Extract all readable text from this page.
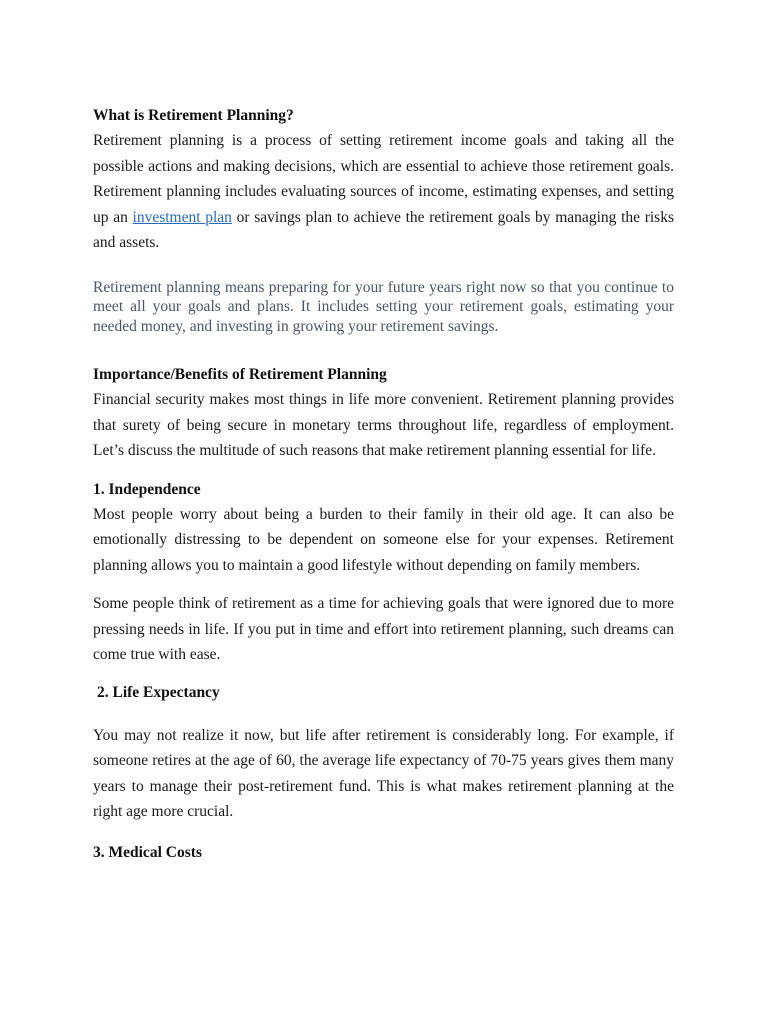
What is Retirement Planning?

Retirement planning is a process of setting retirement income goals and taking all the possible actions and making decisions, which are essential to achieve those retirement goals. Retirement planning includes evaluating sources of income, estimating expenses, and setting up an investment plan or savings plan to achieve the retirement goals by managing the risks and assets.

Retirement planning means preparing for your future years right now so that you continue to meet all your goals and plans. It includes setting your retirement goals, estimating your needed money, and investing in growing your retirement savings.

Importance/Benefits of Retirement Planning

Financial security makes most things in life more convenient. Retirement planning provides that surety of being secure in monetary terms throughout life, regardless of employment. Let’s discuss the multitude of such reasons that make retirement planning essential for life.

1. Independence

Most people worry about being a burden to their family in their old age. It can also be emotionally distressing to be dependent on someone else for your expenses. Retirement planning allows you to maintain a good lifestyle without depending on family members.

Some people think of retirement as a time for achieving goals that were ignored due to more pressing needs in life. If you put in time and effort into retirement planning, such dreams can come true with ease.

2. Life Expectancy

You may not realize it now, but life after retirement is considerably long. For example, if someone retires at the age of 60, the average life expectancy of 70-75 years gives them many years to manage their post-retirement fund. This is what makes retirement planning at the right age more crucial.

3. Medical Costs
